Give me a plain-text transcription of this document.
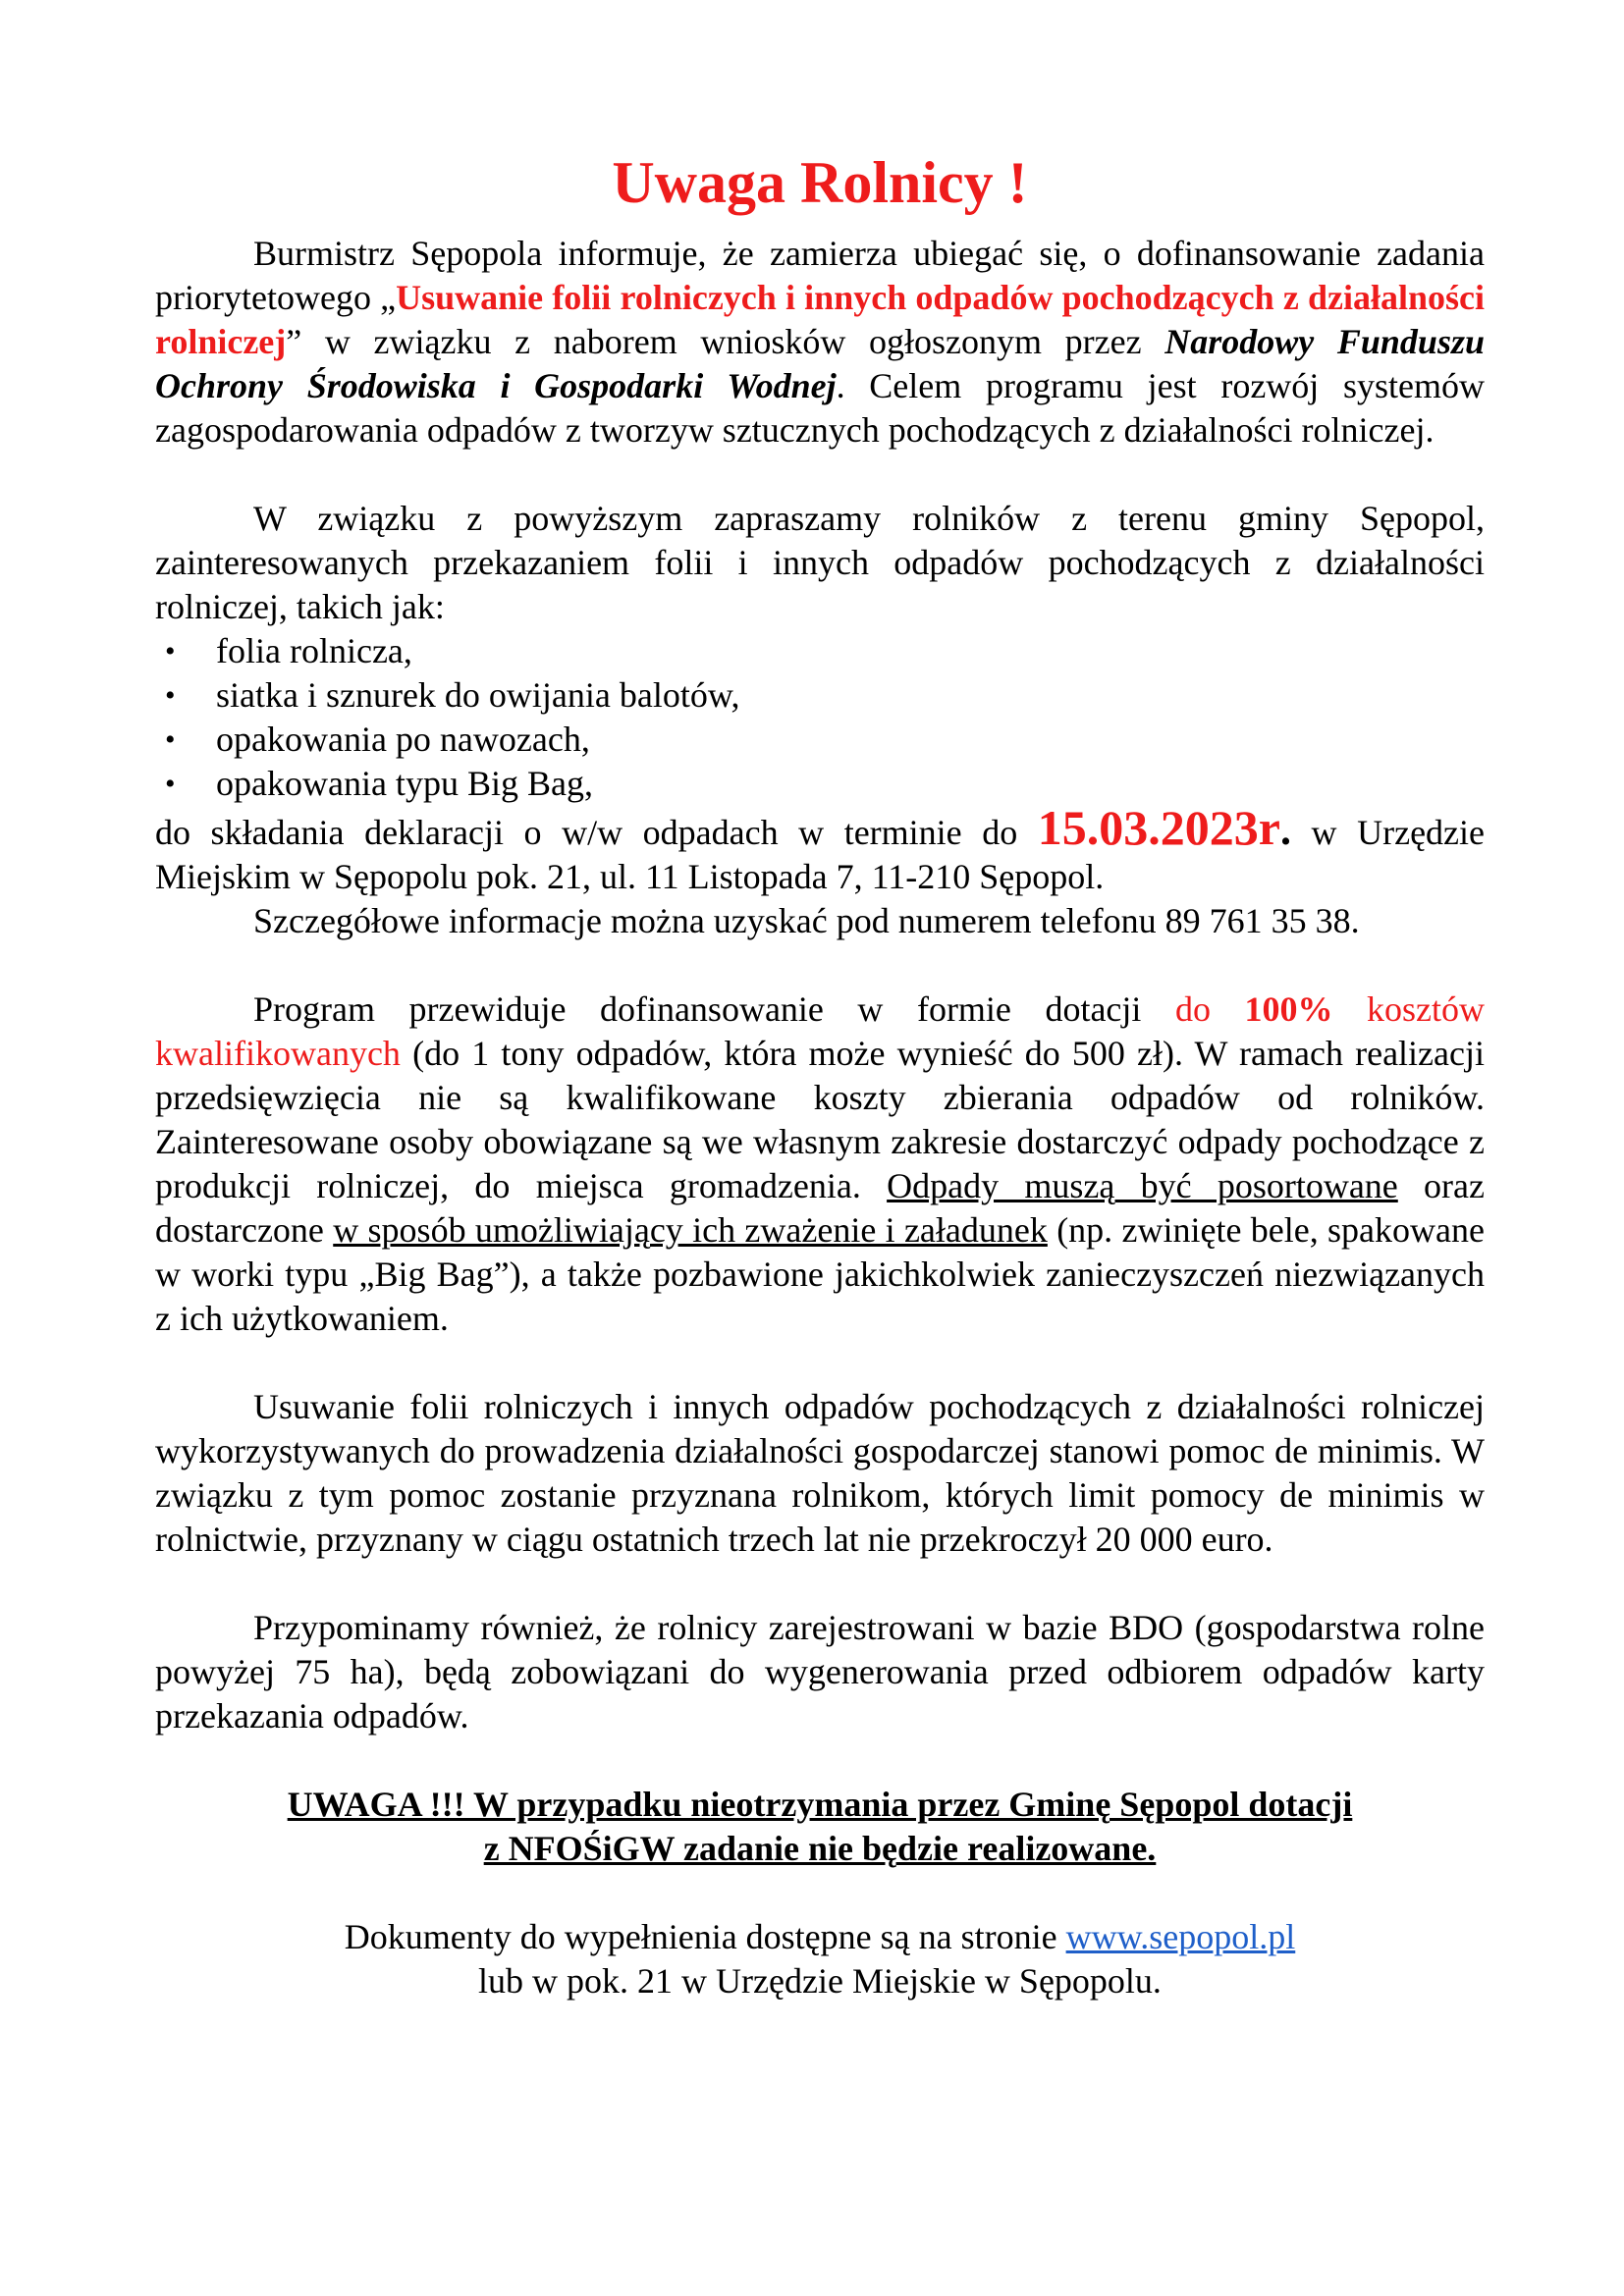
Uwaga Rolnicy !

Burmistrz Sępopola informuje, że zamierza ubiegać się, o dofinansowanie zadania priorytetowego „Usuwanie folii rolniczych i innych odpadów pochodzących z działalności rolniczej” w związku z naborem wniosków ogłoszonym przez Narodowy Funduszu Ochrony Środowiska i Gospodarki Wodnej. Celem programu jest rozwój systemów zagospodarowania odpadów z tworzyw sztucznych pochodzących z działalności rolniczej.

W związku z powyższym zapraszamy rolników z terenu gminy Sępopol, zainteresowanych przekazaniem folii i innych odpadów pochodzących z działalności rolniczej, takich jak:

• folia rolnicza,
• siatka i sznurek do owijania balotów,
• opakowania po nawozach,
• opakowania typu Big Bag,

do składania deklaracji o w/w odpadach w terminie do 15.03.2023r. w Urzędzie Miejskim w Sępopolu pok. 21, ul. 11 Listopada 7, 11-210 Sępopol.

Szczegółowe informacje można uzyskać pod numerem telefonu 89 761 35 38.

Program przewiduje dofinansowanie w formie dotacji do 100% kosztów kwalifikowanych (do 1 tony odpadów, która może wynieść do 500 zł). W ramach realizacji przedsięwzięcia nie są kwalifikowane koszty zbierania odpadów od rolników. Zainteresowane osoby obowiązane są we własnym zakresie dostarczyć odpady pochodzące z produkcji rolniczej, do miejsca gromadzenia. Odpady muszą być posortowane oraz dostarczone w sposób umożliwiający ich zważenie i załadunek (np. zwinięte bele, spakowane w worki typu „Big Bag”), a także pozbawione jakichkolwiek zanieczyszczeń niezwiązanych z ich użytkowaniem.

Usuwanie folii rolniczych i innych odpadów pochodzących z działalności rolniczej wykorzystywanych do prowadzenia działalności gospodarczej stanowi pomoc de minimis. W związku z tym pomoc zostanie przyznana rolnikom, których limit pomocy de minimis w rolnictwie, przyznany w ciągu ostatnich trzech lat nie przekroczył 20 000 euro.

Przypominamy również, że rolnicy zarejestrowani w bazie BDO (gospodarstwa rolne powyżej 75 ha), będą zobowiązani do wygenerowania przed odbiorem odpadów karty przekazania odpadów.

UWAGA !!! W przypadku nieotrzymania przez Gminę Sępopol dotacji
z NFOŚiGW zadanie nie będzie realizowane.
Dokumenty do wypełnienia dostępne są na stronie www.sepopol.pl
lub w pok. 21 w Urzędzie Miejskie w Sępopolu.
